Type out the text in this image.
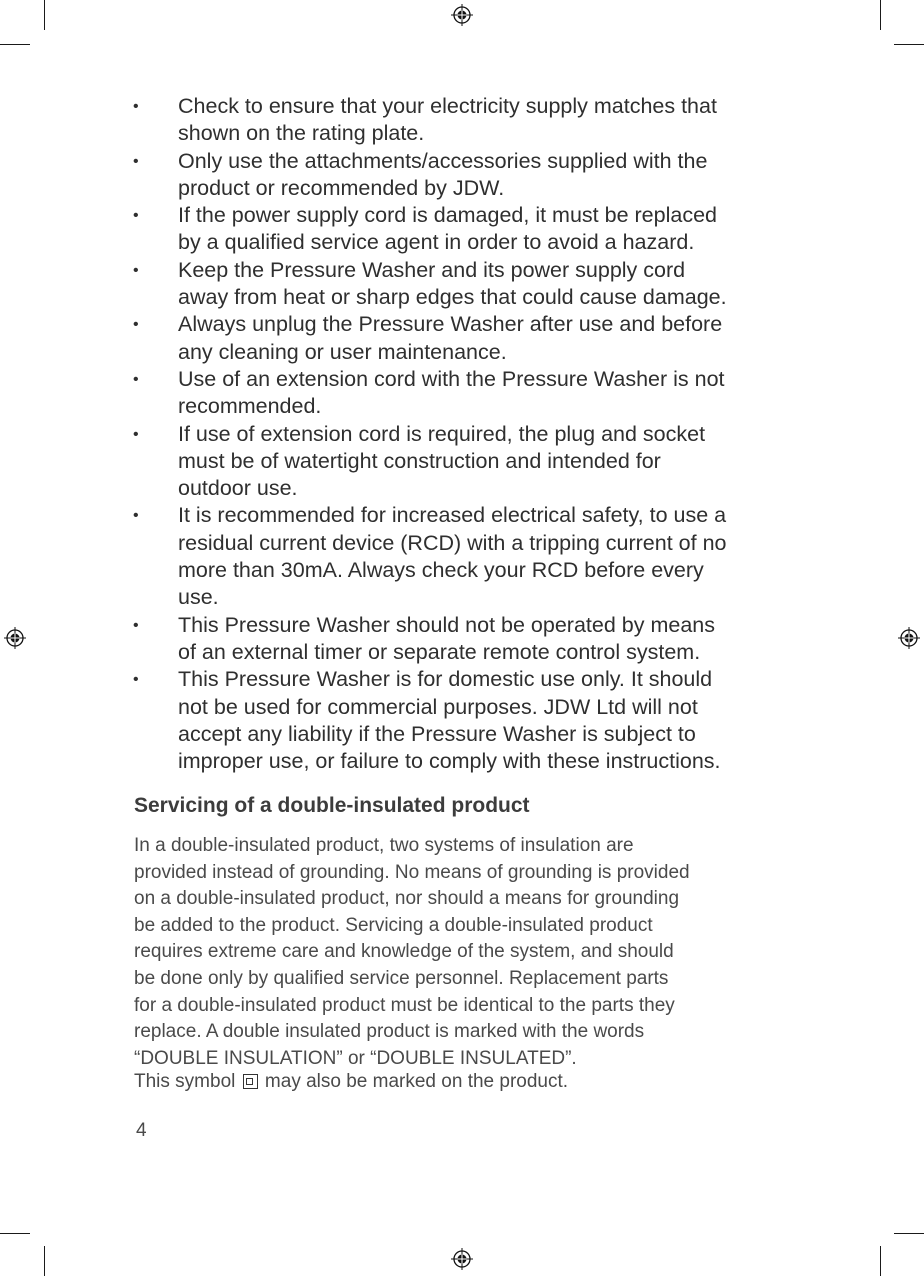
•	Check to ensure that your electricity supply matches that
shown on the rating plate.
•	Only use the attachments/accessories supplied with the
product or recommended by JDW.
•	If the power supply cord is damaged, it must be replaced
by a qualified service agent in order to avoid a hazard.
•	Keep the Pressure Washer and its power supply cord
away from heat or sharp edges that could cause damage.
•	Always unplug the Pressure Washer after use and before
any cleaning or user maintenance.
•	Use of an extension cord with the Pressure Washer is not
recommended.
•	If use of extension cord is required, the plug and socket
must be of watertight construction and intended for
outdoor use.
•	It is recommended for increased electrical safety, to use a
residual current device (RCD) with a tripping current of no
more than 30mA. Always check your RCD before every
use.
•	This Pressure Washer should not be operated by means
of an external timer or separate remote control system.
•	This Pressure Washer is for domestic use only. It should
not be used for commercial purposes. JDW Ltd will not
accept any liability if the Pressure Washer is subject to
improper use, or failure to comply with these instructions.
Servicing of a double-insulated product

In a double-insulated product, two systems of insulation are
provided instead of grounding. No means of grounding is provided
on a double-insulated product, nor should a means for grounding
be added to the product. Servicing a double-insulated product
requires extreme care and knowledge of the system, and should
be done only by qualified service personnel. Replacement parts
for a double-insulated product must be identical to the parts they
replace. A double insulated product is marked with the words
“DOUBLE INSULATION” or “DOUBLE INSULATED”.

This symbol may also be marked on the product.
4
